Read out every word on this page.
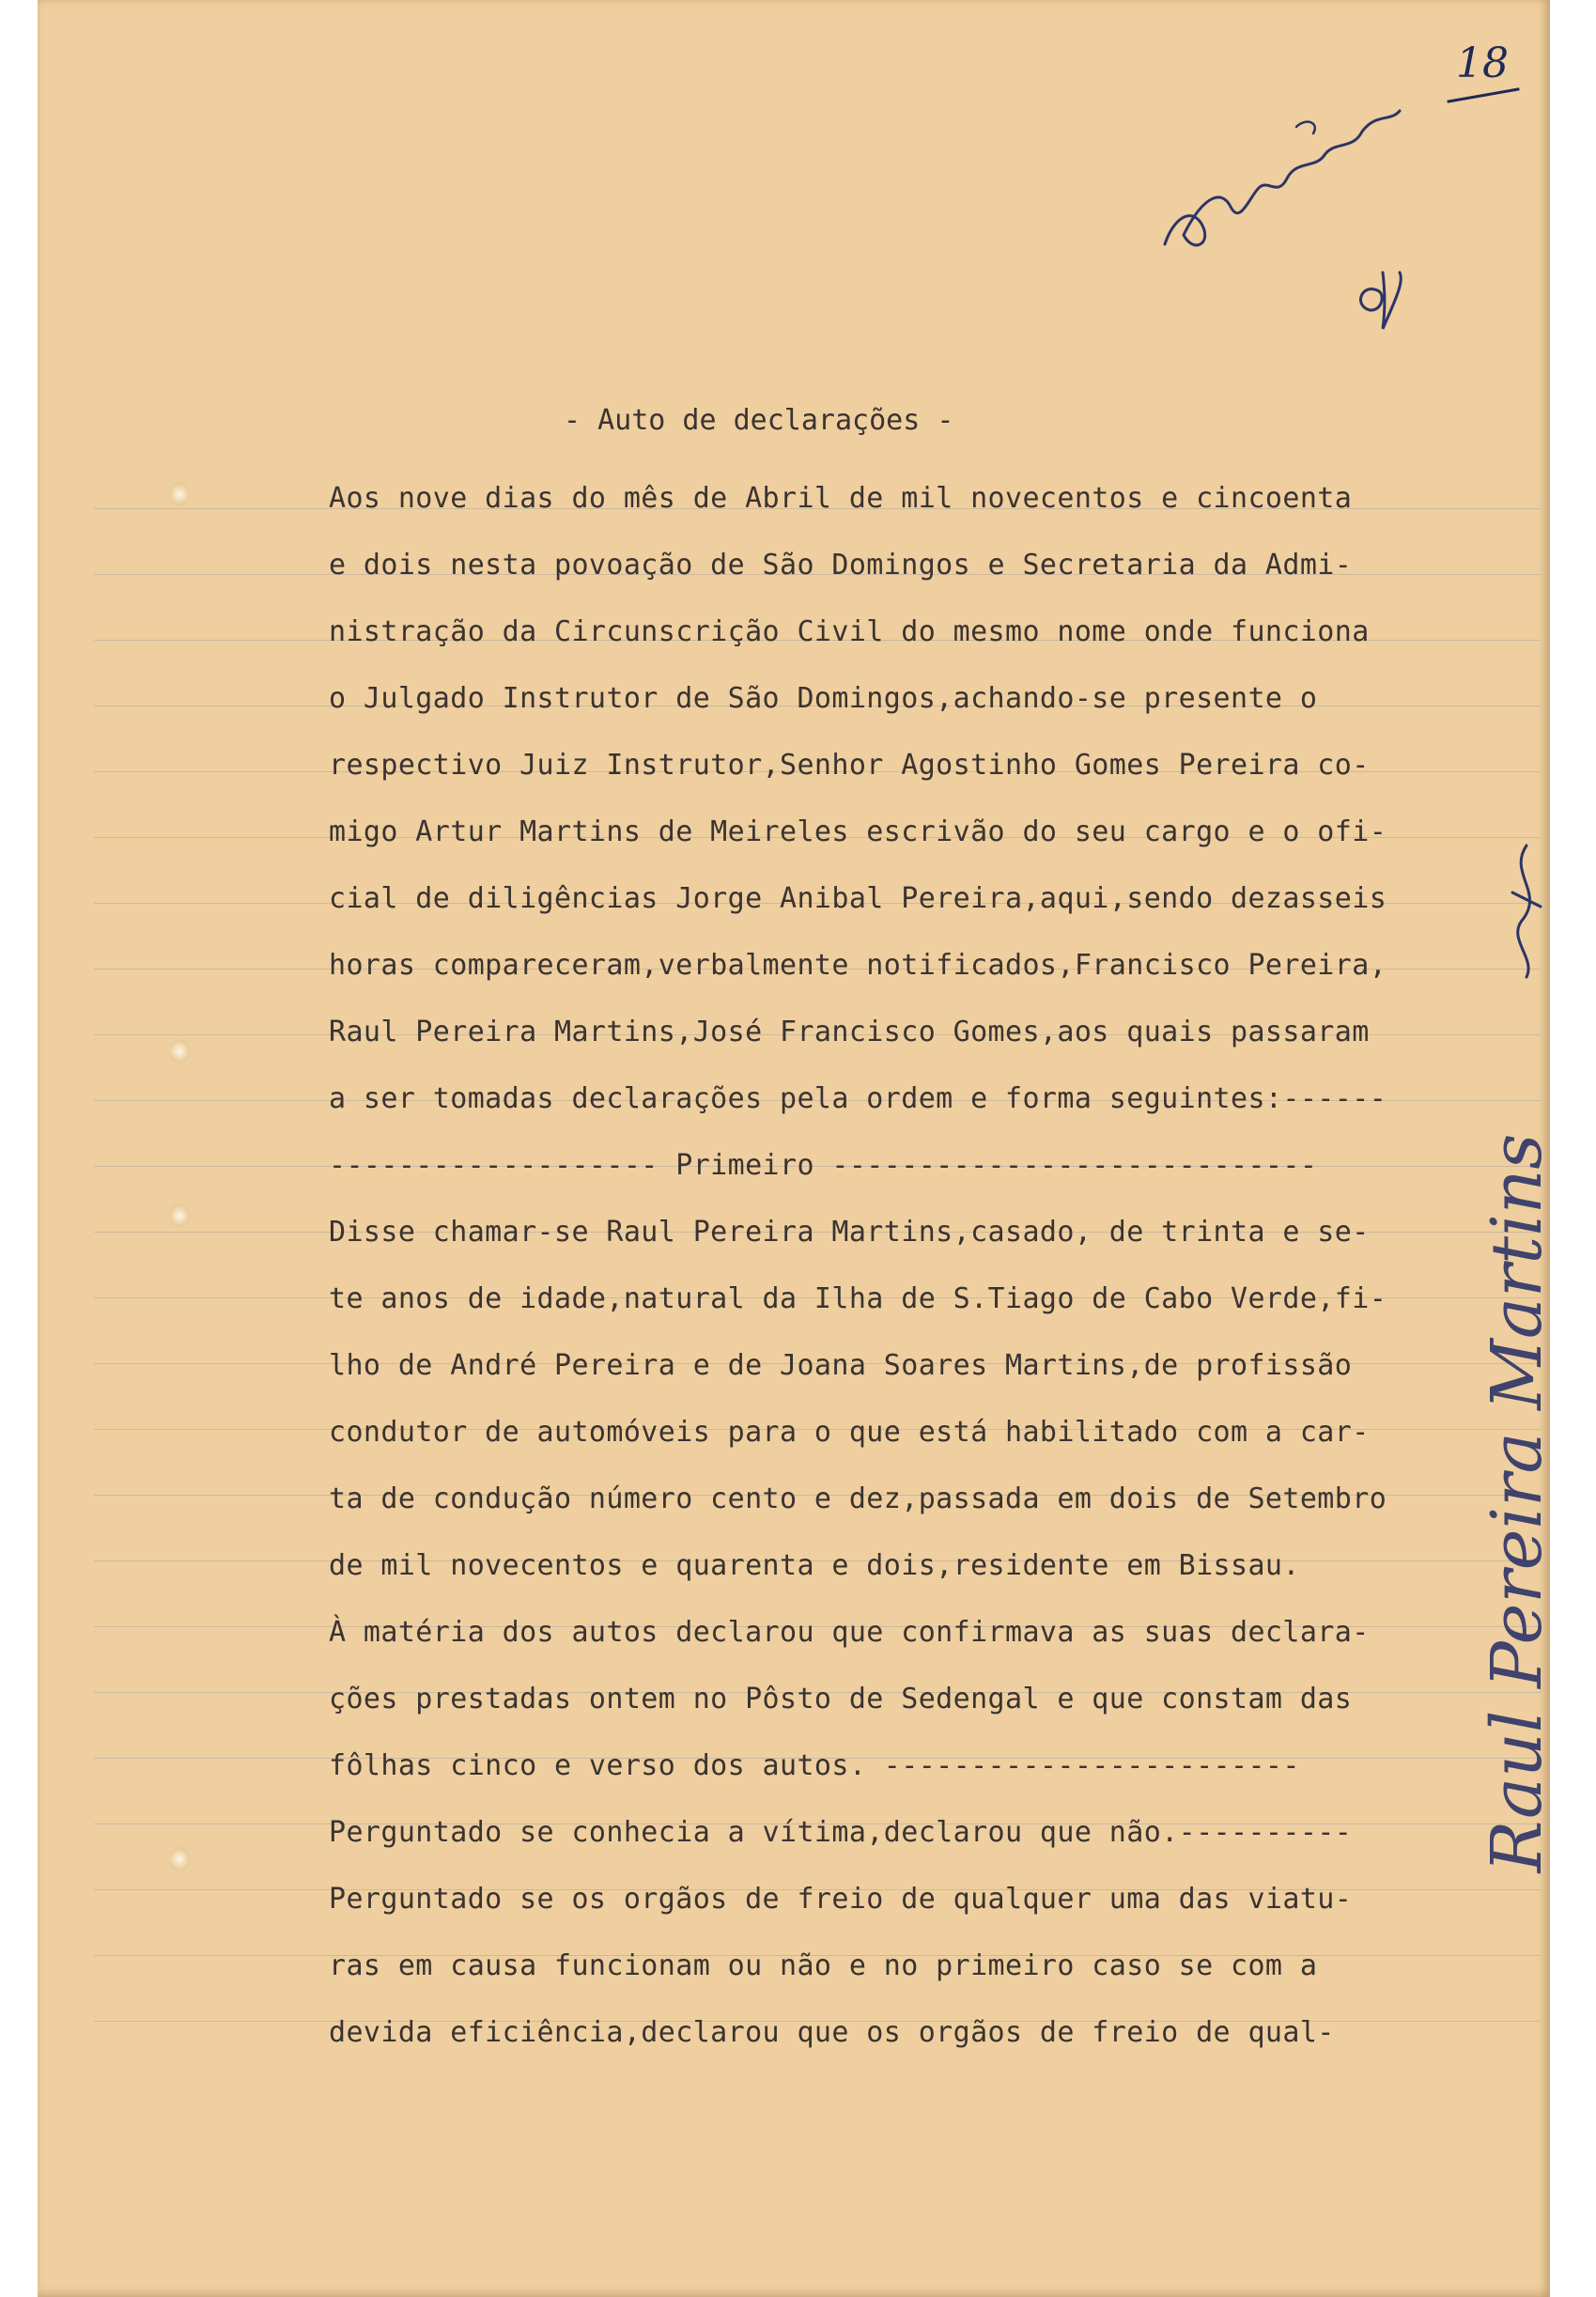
18
Raul Pereira Martins
- Auto de declarações -
Aos nove dias do mês de Abril de mil novecentos e cincoenta
e dois nesta povoação de São Domingos e Secretaria da Admi-
nistração da Circunscrição Civil do mesmo nome onde funciona
o Julgado Instrutor de São Domingos,achando-se presente o
respectivo Juiz Instrutor,Senhor Agostinho Gomes Pereira co-
migo Artur Martins de Meireles escrivão do seu cargo e o ofi-
cial de diligências Jorge Anibal Pereira,aqui,sendo dezasseis
horas compareceram,verbalmente notificados,Francisco Pereira,
Raul Pereira Martins,José Francisco Gomes,aos quais passaram
a ser tomadas declarações pela ordem e forma seguintes:------
------------------- Primeiro ----------------------------
Disse chamar-se Raul Pereira Martins,casado, de trinta e se-
te anos de idade,natural da Ilha de S.Tiago de Cabo Verde,fi-
lho de André Pereira e de Joana Soares Martins,de profissão
condutor de automóveis para o que está habilitado com a car-
ta de condução número cento e dez,passada em dois de Setembro
de mil novecentos e quarenta e dois,residente em Bissau.
À matéria dos autos declarou que confirmava as suas declara-
ções prestadas ontem no Pôsto de Sedengal e que constam das
fôlhas cinco e verso dos autos. ------------------------
Perguntado se conhecia a vítima,declarou que não.----------
Perguntado se os orgãos de freio de qualquer uma das viatu-
ras em causa funcionam ou não e no primeiro caso se com a
devida eficiência,declarou que os orgãos de freio de qual-
